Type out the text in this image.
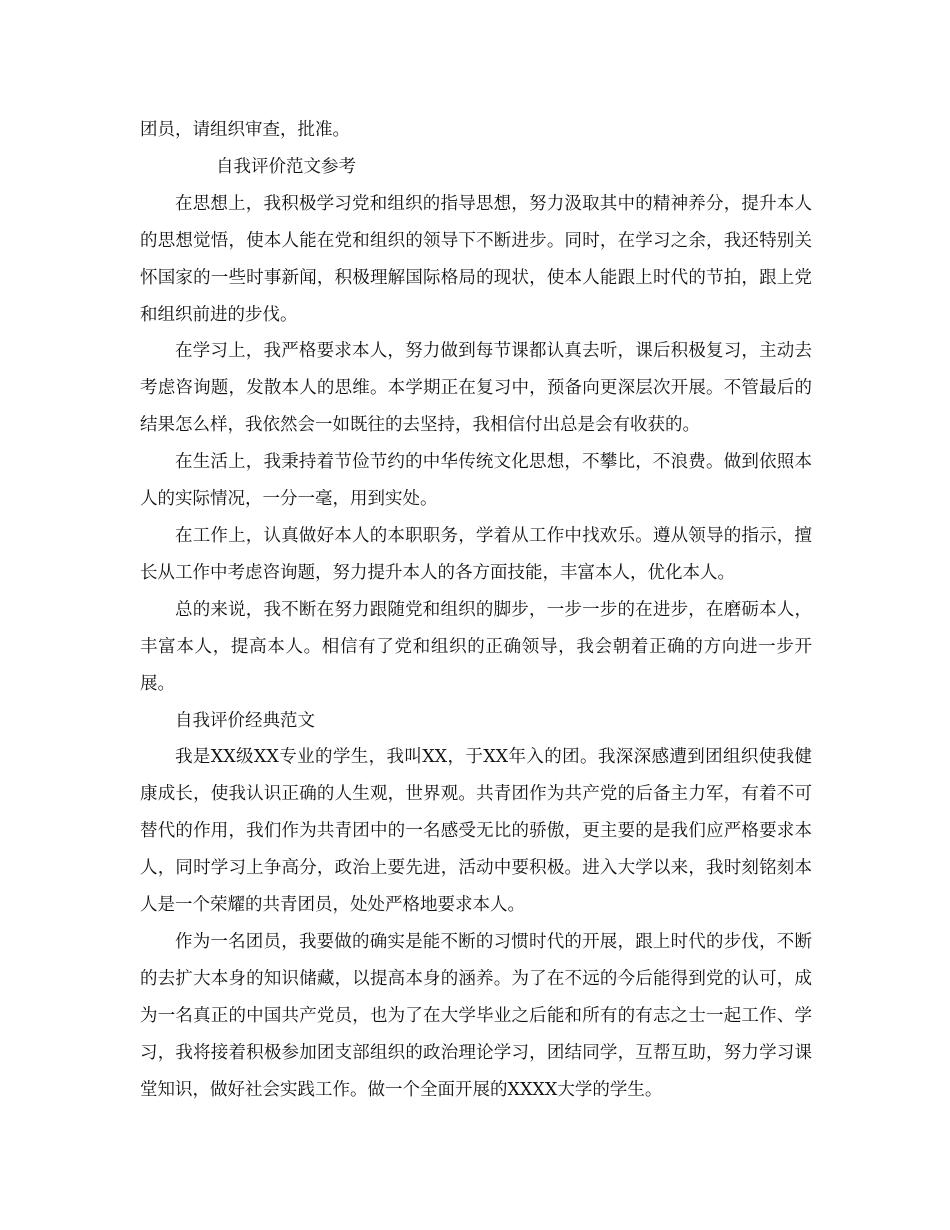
团员，请组织审查，批准。

自我评价范文参考

在思想上，我积极学习党和组织的指导思想，努力汲取其中的精神养分，提升本人的思想觉悟，使本人能在党和组织的领导下不断进步。同时，在学习之余，我还特别关怀国家的一些时事新闻，积极理解国际格局的现状，使本人能跟上时代的节拍，跟上党和组织前进的步伐。

在学习上，我严格要求本人，努力做到每节课都认真去听，课后积极复习，主动去考虑咨询题，发散本人的思维。本学期正在复习中，预备向更深层次开展。不管最后的结果怎么样，我依然会一如既往的去坚持，我相信付出总是会有收获的。

在生活上，我秉持着节俭节约的中华传统文化思想，不攀比，不浪费。做到依照本人的实际情况，一分一毫，用到实处。

在工作上，认真做好本人的本职职务，学着从工作中找欢乐。遵从领导的指示，擅长从工作中考虑咨询题，努力提升本人的各方面技能，丰富本人，优化本人。

总的来说，我不断在努力跟随党和组织的脚步，一步一步的在进步，在磨砺本人，丰富本人，提高本人。相信有了党和组织的正确领导，我会朝着正确的方向进一步开展。

自我评价经典范文

我是XX级XX专业的学生，我叫XX，于XX年入的团。我深深感遭到团组织使我健康成长，使我认识正确的人生观，世界观。共青团作为共产党的后备主力军，有着不可替代的作用，我们作为共青团中的一名感受无比的骄傲，更主要的是我们应严格要求本人，同时学习上争高分，政治上要先进，活动中要积极。进入大学以来，我时刻铭刻本人是一个荣耀的共青团员，处处严格地要求本人。

作为一名团员，我要做的确实是能不断的习惯时代的开展，跟上时代的步伐，不断的去扩大本身的知识储藏，以提高本身的涵养。为了在不远的今后能得到党的认可，成为一名真正的中国共产党员，也为了在大学毕业之后能和所有的有志之士一起工作、学习，我将接着积极参加团支部组织的政治理论学习，团结同学，互帮互助，努力学习课堂知识，做好社会实践工作。做一个全面开展的XXXX大学的学生。
